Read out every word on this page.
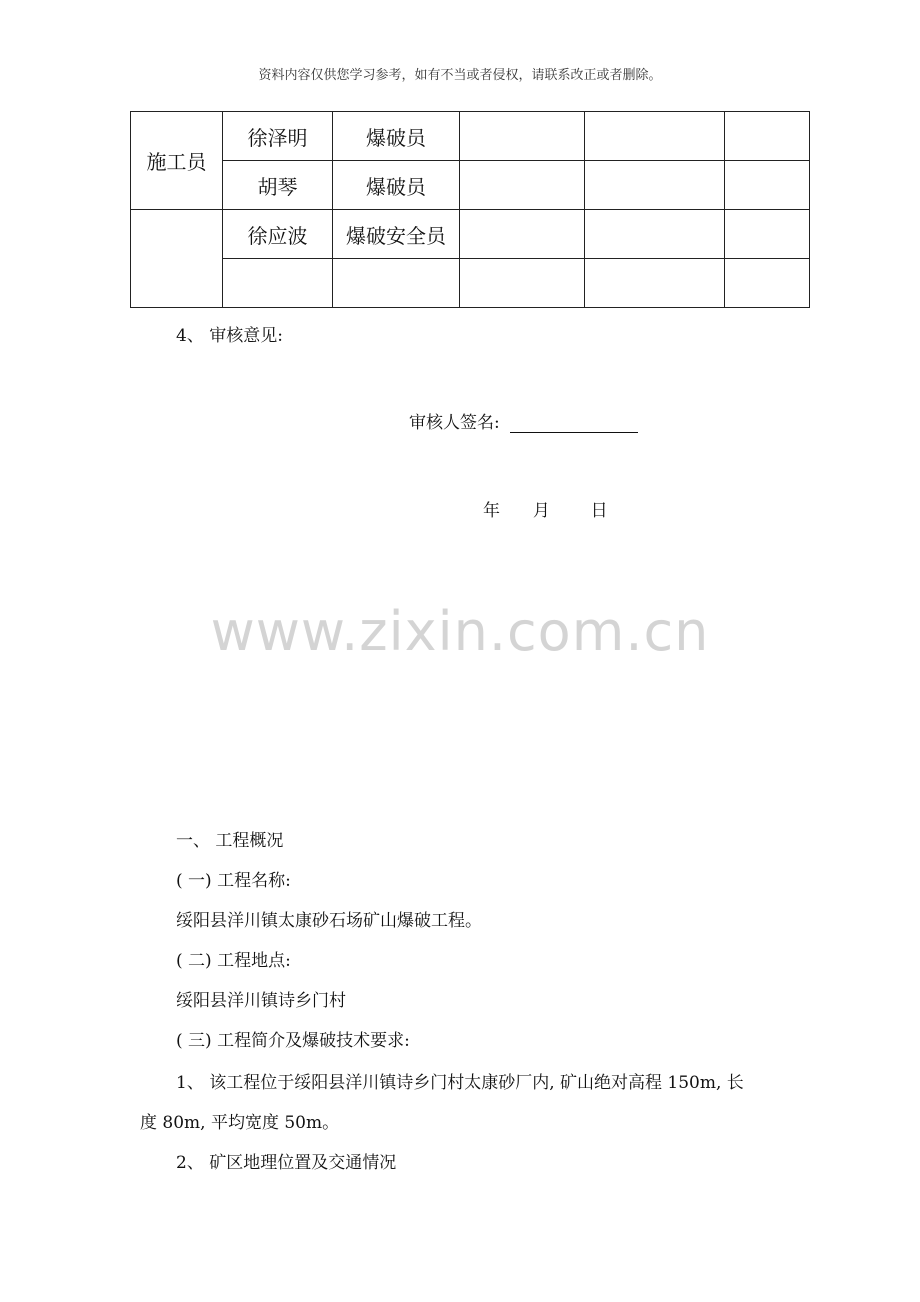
资料内容仅供您学习参考，如有不当或者侵权，请联系改正或者删除。
施工员	徐泽明	爆破员			
	胡琴	爆破员			
	徐应波	爆破安全员			

4、 审核意见:
审核人签名:
年 月 日
www.zixin.com.cn
一、 工程概况
( 一) 工程名称:
绥阳县洋川镇太康砂石场矿山爆破工程。
( 二) 工程地点:
绥阳县洋川镇诗乡门村
( 三) 工程简介及爆破技术要求:
1、 该工程位于绥阳县洋川镇诗乡门村太康砂厂内, 矿山绝对高程 150m, 长
度 80m, 平均宽度 50m。
2、 矿区地理位置及交通情况
